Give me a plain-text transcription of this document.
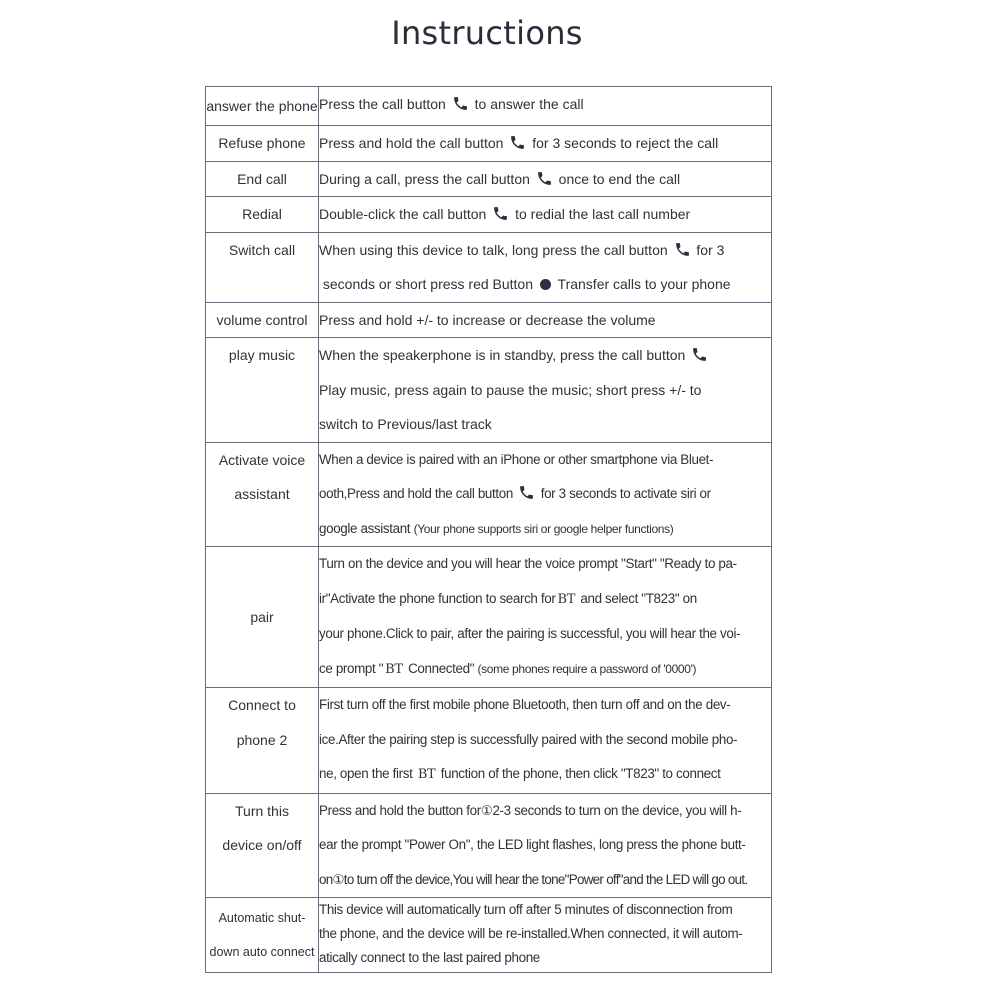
Instructions
answer the phone	Press the call button to answer the call

Refuse phone	Press and hold the call button for 3 seconds to reject the call

End call	During a call, press the call button once to end the call

Redial	Double-click the call button to redial the last call number

Switch call	When using this device to talk, long press the call button for 3
seconds or short press red Button Transfer calls to your phone

volume control	Press and hold +/- to increase or decrease the volume

play music	When the speakerphone is in standby, press the call button
Play music, press again to pause the music; short press +/- to
switch to Previous/last track

Activate voice
assistant	When a device is paired with an iPhone or other smartphone via Bluet-
ooth,Press and hold the call button for 3 seconds to activate siri or
google assistant (Your phone supports siri or google helper functions)

pair	Turn on the device and you will hear the voice prompt "Start" "Ready to pa-
ir"Activate the phone function to search for BT and select "T823" on
your phone.Click to pair, after the pairing is successful, you will hear the voi-
ce prompt " BT Connected" (some phones require a password of '0000')

Connect to
phone 2	First turn off the first mobile phone Bluetooth, then turn off and on the dev-
ice.After the pairing step is successfully paired with the second mobile pho-
ne, open the first BT function of the phone, then click "T823" to connect

Turn this
device on/off	Press and hold the button for①2-3 seconds to turn on the device, you will h-
ear the prompt "Power On", the LED light flashes, long press the phone butt-
on①to turn off the device,You will hear the tone"Power off"and the LED will go out.

Automatic shut-
down auto connect	This device will automatically turn off after 5 minutes of disconnection from
the phone, and the device will be re-installed.When connected, it will autom-
atically connect to the last paired phone
